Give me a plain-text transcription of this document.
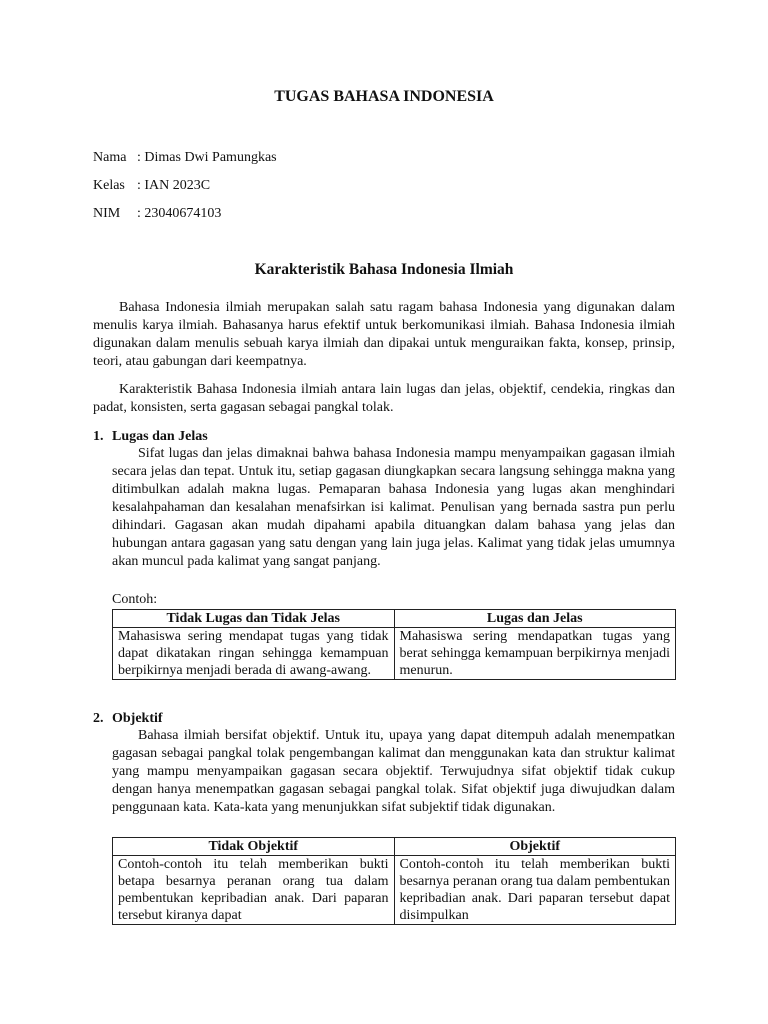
TUGAS BAHASA INDONESIA
Nama : Dimas Dwi Pamungkas
Kelas : IAN 2023C
NIM : 23040674103
Karakteristik Bahasa Indonesia Ilmiah
Bahasa Indonesia ilmiah merupakan salah satu ragam bahasa Indonesia yang digunakan dalam menulis karya ilmiah. Bahasanya harus efektif untuk berkomunikasi ilmiah. Bahasa Indonesia ilmiah digunakan dalam menulis sebuah karya ilmiah dan dipakai untuk menguraikan fakta, konsep, prinsip, teori, atau gabungan dari keempatnya.
Karakteristik Bahasa Indonesia ilmiah antara lain lugas dan jelas, objektif, cendekia, ringkas dan padat, konsisten, serta gagasan sebagai pangkal tolak.
1. Lugas dan Jelas
Sifat lugas dan jelas dimaknai bahwa bahasa Indonesia mampu menyampaikan gagasan ilmiah secara jelas dan tepat. Untuk itu, setiap gagasan diungkapkan secara langsung sehingga makna yang ditimbulkan adalah makna lugas. Pemaparan bahasa Indonesia yang lugas akan menghindari kesalahpahaman dan kesalahan menafsirkan isi kalimat. Penulisan yang bernada sastra pun perlu dihindari. Gagasan akan mudah dipahami apabila dituangkan dalam bahasa yang jelas dan hubungan antara gagasan yang satu dengan yang lain juga jelas. Kalimat yang tidak jelas umumnya akan muncul pada kalimat yang sangat panjang.
Contoh:
Tidak Lugas dan Tidak Jelas	Lugas dan Jelas
Mahasiswa sering mendapat tugas yang tidak dapat dikatakan ringan sehingga kemampuan berpikirnya menjadi berada di awang-awang.	Mahasiswa sering mendapatkan tugas yang berat sehingga kemampuan berpikirnya menjadi menurun.
2. Objektif
Bahasa ilmiah bersifat objektif. Untuk itu, upaya yang dapat ditempuh adalah menempatkan gagasan sebagai pangkal tolak pengembangan kalimat dan menggunakan kata dan struktur kalimat yang mampu menyampaikan gagasan secara objektif. Terwujudnya sifat objektif tidak cukup dengan hanya menempatkan gagasan sebagai pangkal tolak. Sifat objektif juga diwujudkan dalam penggunaan kata. Kata-kata yang menunjukkan sifat subjektif tidak digunakan.
Tidak Objektif	Objektif
Contoh-contoh itu telah memberikan bukti betapa besarnya peranan orang tua dalam pembentukan kepribadian anak. Dari paparan tersebut kiranya dapat	Contoh-contoh itu telah memberikan bukti besarnya peranan orang tua dalam pembentukan kepribadian anak. Dari paparan tersebut dapat disimpulkan
